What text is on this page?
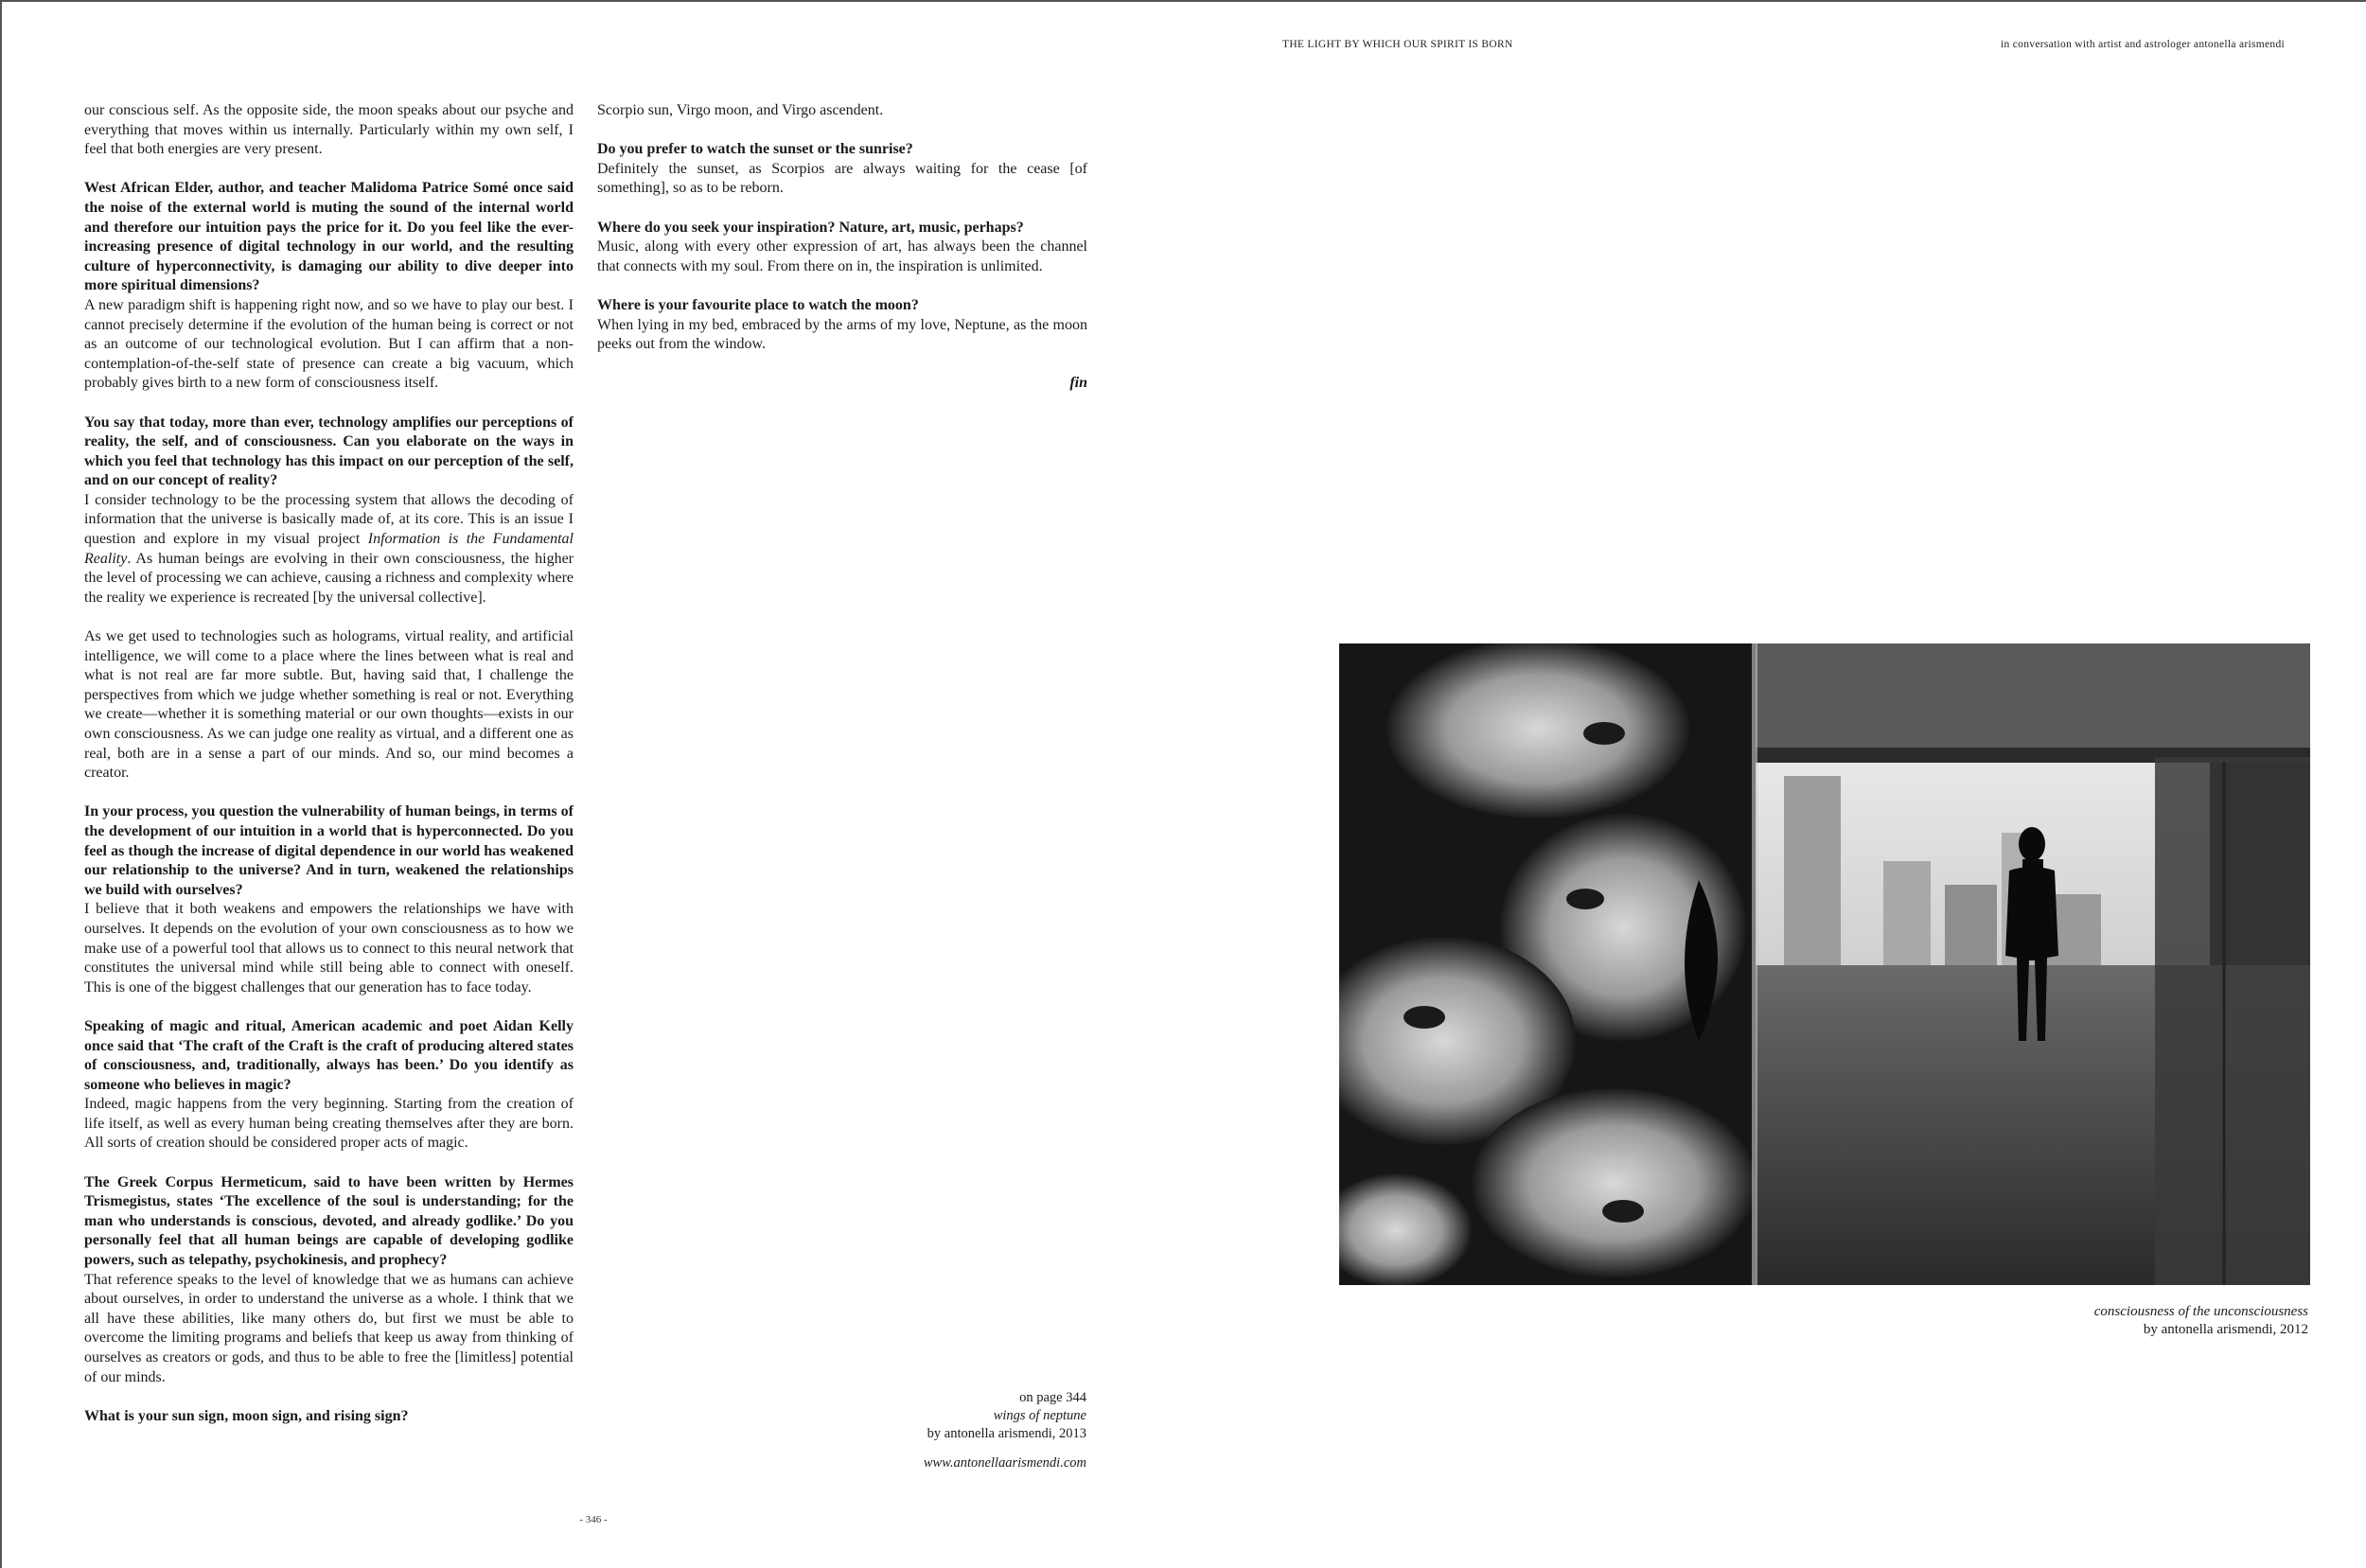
THE LIGHT BY WHICH OUR SPIRIT IS BORN	in conversation with artist and astrologer antonella arismendi

our conscious self. As the opposite side, the moon speaks about our psyche and everything that moves within us internally. Particularly within my own self, I feel that both energies are very present.

West African Elder, author, and teacher Malidoma Patrice Somé once said the noise of the external world is muting the sound of the internal world and therefore our intuition pays the price for it. Do you feel like the ever-increasing presence of digital technology in our world, and the resulting culture of hyperconnectivity, is damaging our ability to dive deeper into more spiritual dimensions?

A new paradigm shift is happening right now, and so we have to play our best. I cannot precisely determine if the evolution of the human being is correct or not as an outcome of our technological evolution. But I can affirm that a non-contemplation-of-the-self state of presence can create a big vacuum, which probably gives birth to a new form of consciousness itself.

You say that today, more than ever, technology amplifies our perceptions of reality, the self, and of consciousness. Can you elaborate on the ways in which you feel that technology has this impact on our perception of the self, and on our concept of reality?

I consider technology to be the processing system that allows the decoding of information that the universe is basically made of, at its core. This is an issue I question and explore in my visual project Information is the Fundamental Reality. As human beings are evolving in their own consciousness, the higher the level of processing we can achieve, causing a richness and complexity where the reality we experience is recreated [by the universal collective].

As we get used to technologies such as holograms, virtual reality, and artificial intelligence, we will come to a place where the lines between what is real and what is not real are far more subtle. But, having said that, I challenge the perspectives from which we judge whether something is real or not. Everything we create—whether it is something material or our own thoughts—exists in our own consciousness. As we can judge one reality as virtual, and a different one as real, both are in a sense a part of our minds. And so, our mind becomes a creator.

In your process, you question the vulnerability of human beings, in terms of the development of our intuition in a world that is hyperconnected. Do you feel as though the increase of digital dependence in our world has weakened our relationship to the universe? And in turn, weakened the relationships we build with ourselves?

I believe that it both weakens and empowers the relationships we have with ourselves. It depends on the evolution of your own consciousness as to how we make use of a powerful tool that allows us to connect to this neural network that constitutes the universal mind while still being able to connect with oneself. This is one of the biggest challenges that our generation has to face today.

Speaking of magic and ritual, American academic and poet Aidan Kelly once said that ‘The craft of the Craft is the craft of producing altered states of consciousness, and, traditionally, always has been.’ Do you identify as someone who believes in magic?

Indeed, magic happens from the very beginning. Starting from the creation of life itself, as well as every human being creating themselves after they are born. All sorts of creation should be considered proper acts of magic.

The Greek Corpus Hermeticum, said to have been written by Hermes Trismegistus, states ‘The excellence of the soul is understanding; for the man who understands is conscious, devoted, and already godlike.’ Do you personally feel that all human beings are capable of developing godlike powers, such as telepathy, psychokinesis, and prophecy?

That reference speaks to the level of knowledge that we as humans can achieve about ourselves, in order to understand the universe as a whole. I think that we all have these abilities, like many others do, but first we must be able to overcome the limiting programs and beliefs that keep us away from thinking of ourselves as creators or gods, and thus to be able to free the [limitless] potential of our minds.

What is your sun sign, moon sign, and rising sign?

Scorpio sun, Virgo moon, and Virgo ascendent.

Do you prefer to watch the sunset or the sunrise?

Definitely the sunset, as Scorpios are always waiting for the cease [of something], so as to be reborn.

Where do you seek your inspiration? Nature, art, music, perhaps?

Music, along with every other expression of art, has always been the channel that connects with my soul. From there on in, the inspiration is unlimited.

Where is your favourite place to watch the moon?

When lying in my bed, embraced by the arms of my love, Neptune, as the moon peeks out from the window.

fin
on page 344
wings of neptune
by antonella arismendi, 2013
www.antonellaarismendi.com
- 346 -
consciousness of the unconsciousness
by antonella arismendi, 2012
